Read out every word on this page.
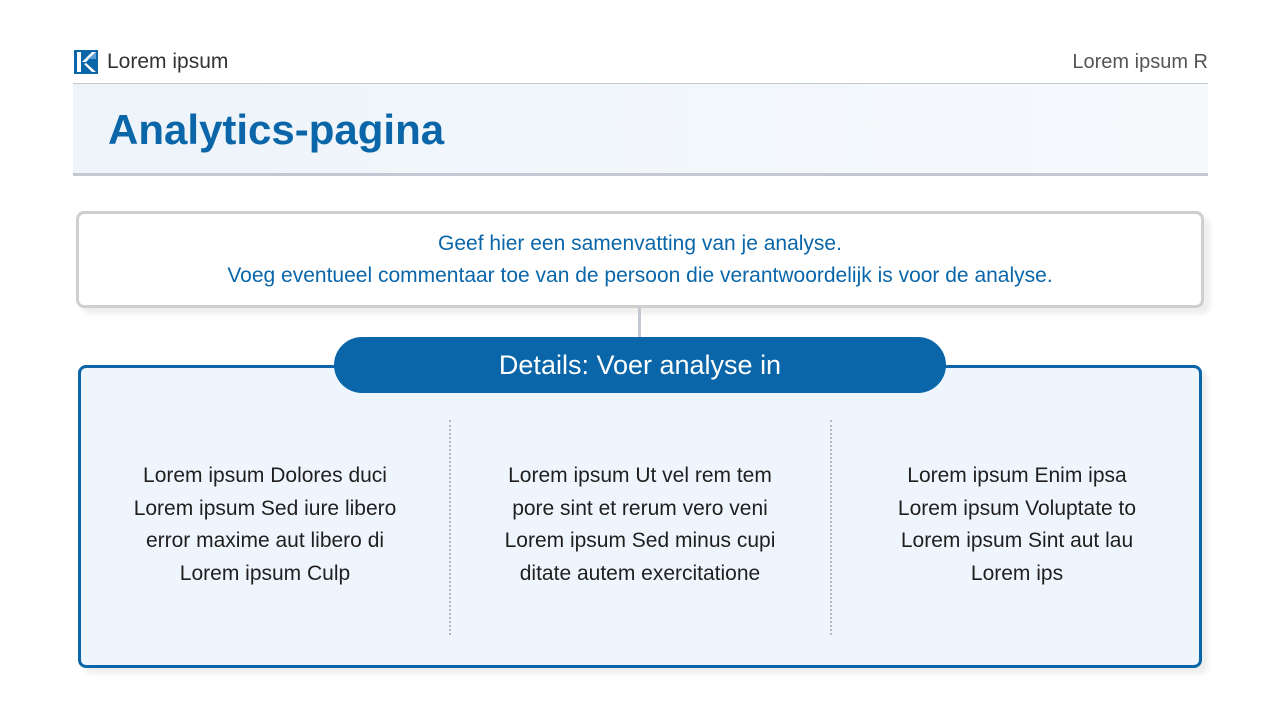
Lorem ipsum	Lorem ipsum R
Analytics-pagina

Geef hier een samenvatting van je analyse.

Voeg eventueel commentaar toe van de persoon die verantwoordelijk is voor de analyse.

Details: Voer analyse in

Lorem ipsum Dolores duci

Lorem ipsum Sed iure libero

error maxime aut libero di

Lorem ipsum Culp

Lorem ipsum Ut vel rem tem

pore sint et rerum vero veni

Lorem ipsum Sed minus cupi

ditate autem exercitatione

Lorem ipsum Enim ipsa

Lorem ipsum Voluptate to

Lorem ipsum Sint aut lau

Lorem ips
